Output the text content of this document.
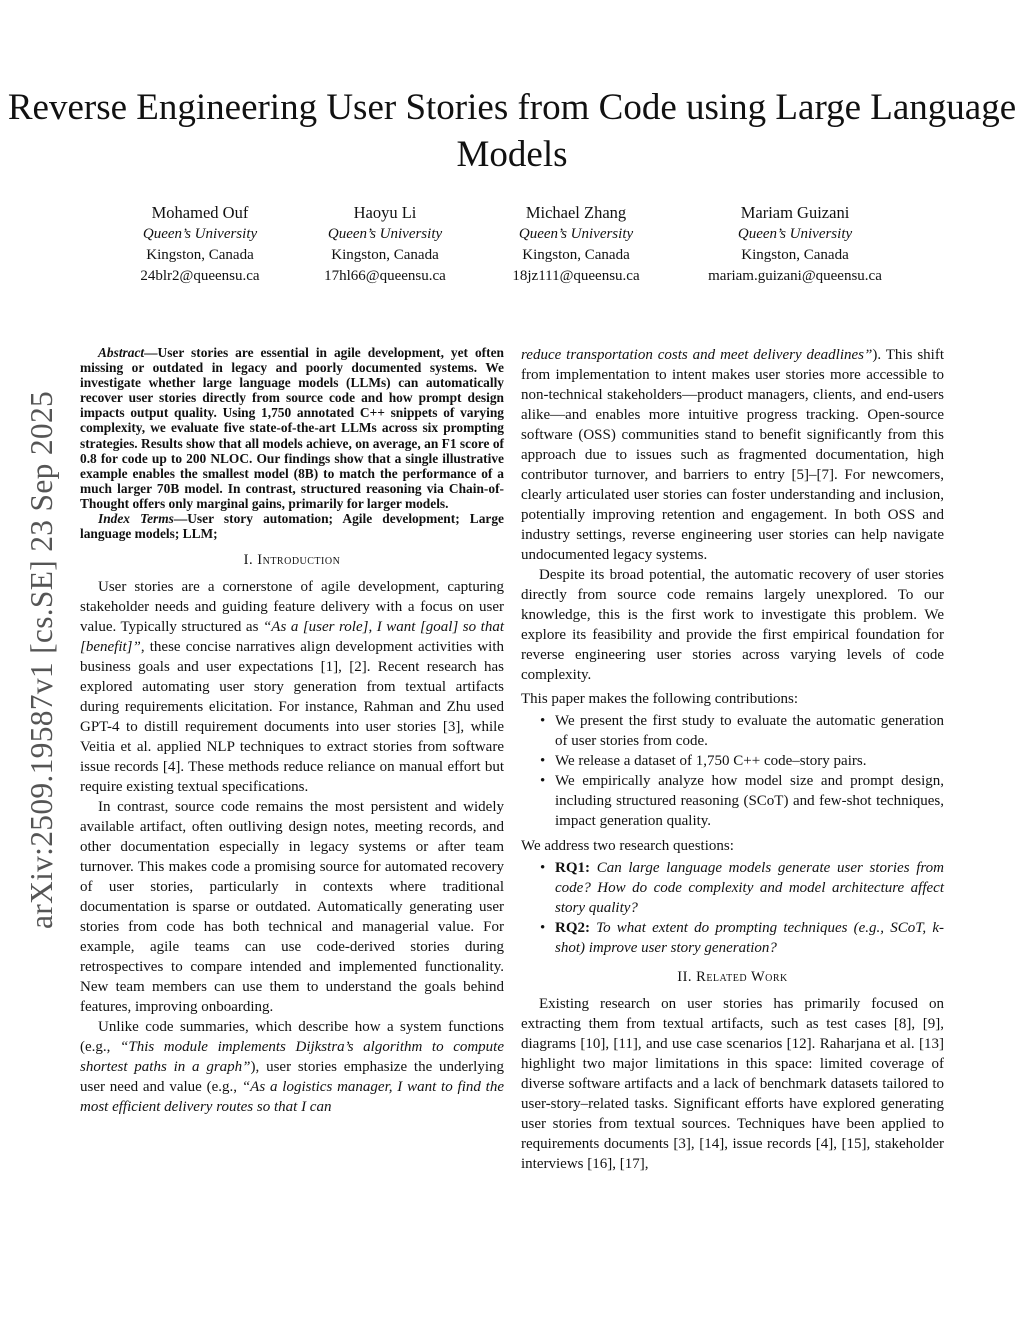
arXiv:2509.19587v1 [cs.SE] 23 Sep 2025
Reverse Engineering User Stories from Code using Large Language Models
Mohamed Ouf
Queen’s University
Kingston, Canada
24blr2@queensu.ca
Haoyu Li
Queen’s University
Kingston, Canada
17hl66@queensu.ca
Michael Zhang
Queen’s University
Kingston, Canada
18jz111@queensu.ca
Mariam Guizani
Queen’s University
Kingston, Canada
mariam.guizani@queensu.ca

Abstract—User stories are essential in agile development, yet often missing or outdated in legacy and poorly documented systems. We investigate whether large language models (LLMs) can automatically recover user stories directly from source code and how prompt design impacts output quality. Using 1,750 annotated C++ snippets of varying complexity, we evaluate five state-of-the-art LLMs across six prompting strategies. Results show that all models achieve, on average, an F1 score of 0.8 for code up to 200 NLOC. Our findings show that a single illustrative example enables the smallest model (8B) to match the performance of a much larger 70B model. In contrast, structured reasoning via Chain-of-Thought offers only marginal gains, primarily for larger models.

Index Terms—User story automation; Agile development; Large language models; LLM;

I. Introduction

User stories are a cornerstone of agile development, capturing stakeholder needs and guiding feature delivery with a focus on user value. Typically structured as “As a [user role], I want [goal] so that [benefit]”, these concise narratives align development activities with business goals and user expectations [1], [2]. Recent research has explored automating user story generation from textual artifacts during requirements elicitation. For instance, Rahman and Zhu used GPT-4 to distill requirement documents into user stories [3], while Veitia et al. applied NLP techniques to extract stories from software issue records [4]. These methods reduce reliance on manual effort but require existing textual specifications.

In contrast, source code remains the most persistent and widely available artifact, often outliving design notes, meeting records, and other documentation especially in legacy systems or after team turnover. This makes code a promising source for automated recovery of user stories, particularly in contexts where traditional documentation is sparse or outdated. Automatically generating user stories from code has both technical and managerial value. For example, agile teams can use code-derived stories during retrospectives to compare intended and implemented functionality. New team members can use them to understand the goals behind features, improving onboarding.

Unlike code summaries, which describe how a system functions (e.g., “This module implements Dijkstra’s algorithm to compute shortest paths in a graph”), user stories emphasize the underlying user need and value (e.g., “As a logistics manager, I want to find the most efficient delivery routes so that I can

reduce transportation costs and meet delivery deadlines”). This shift from implementation to intent makes user stories more accessible to non-technical stakeholders—product managers, clients, and end-users alike—and enables more intuitive progress tracking. Open-source software (OSS) communities stand to benefit significantly from this approach due to issues such as fragmented documentation, high contributor turnover, and barriers to entry [5]–[7]. For newcomers, clearly articulated user stories can foster understanding and inclusion, potentially improving retention and engagement. In both OSS and industry settings, reverse engineering user stories can help navigate undocumented legacy systems.

Despite its broad potential, the automatic recovery of user stories directly from source code remains largely unexplored. To our knowledge, this is the first work to investigate this problem. We explore its feasibility and provide the first empirical foundation for reverse engineering user stories across varying levels of code complexity.

This paper makes the following contributions:

• We present the first study to evaluate the automatic generation of user stories from code.
• We release a dataset of 1,750 C++ code–story pairs.
• We empirically analyze how model size and prompt design, including structured reasoning (SCoT) and few-shot techniques, impact generation quality.

We address two research questions:

• RQ1: Can large language models generate user stories from code? How do code complexity and model architecture affect story quality?
• RQ2: To what extent do prompting techniques (e.g., SCoT, k-shot) improve user story generation?
II. Related Work

Existing research on user stories has primarily focused on extracting them from textual artifacts, such as test cases [8], [9], diagrams [10], [11], and use case scenarios [12]. Raharjana et al. [13] highlight two major limitations in this space: limited coverage of diverse software artifacts and a lack of benchmark datasets tailored to user-story–related tasks. Significant efforts have explored generating user stories from textual sources. Techniques have been applied to requirements documents [3], [14], issue records [4], [15], stakeholder interviews [16], [17],
